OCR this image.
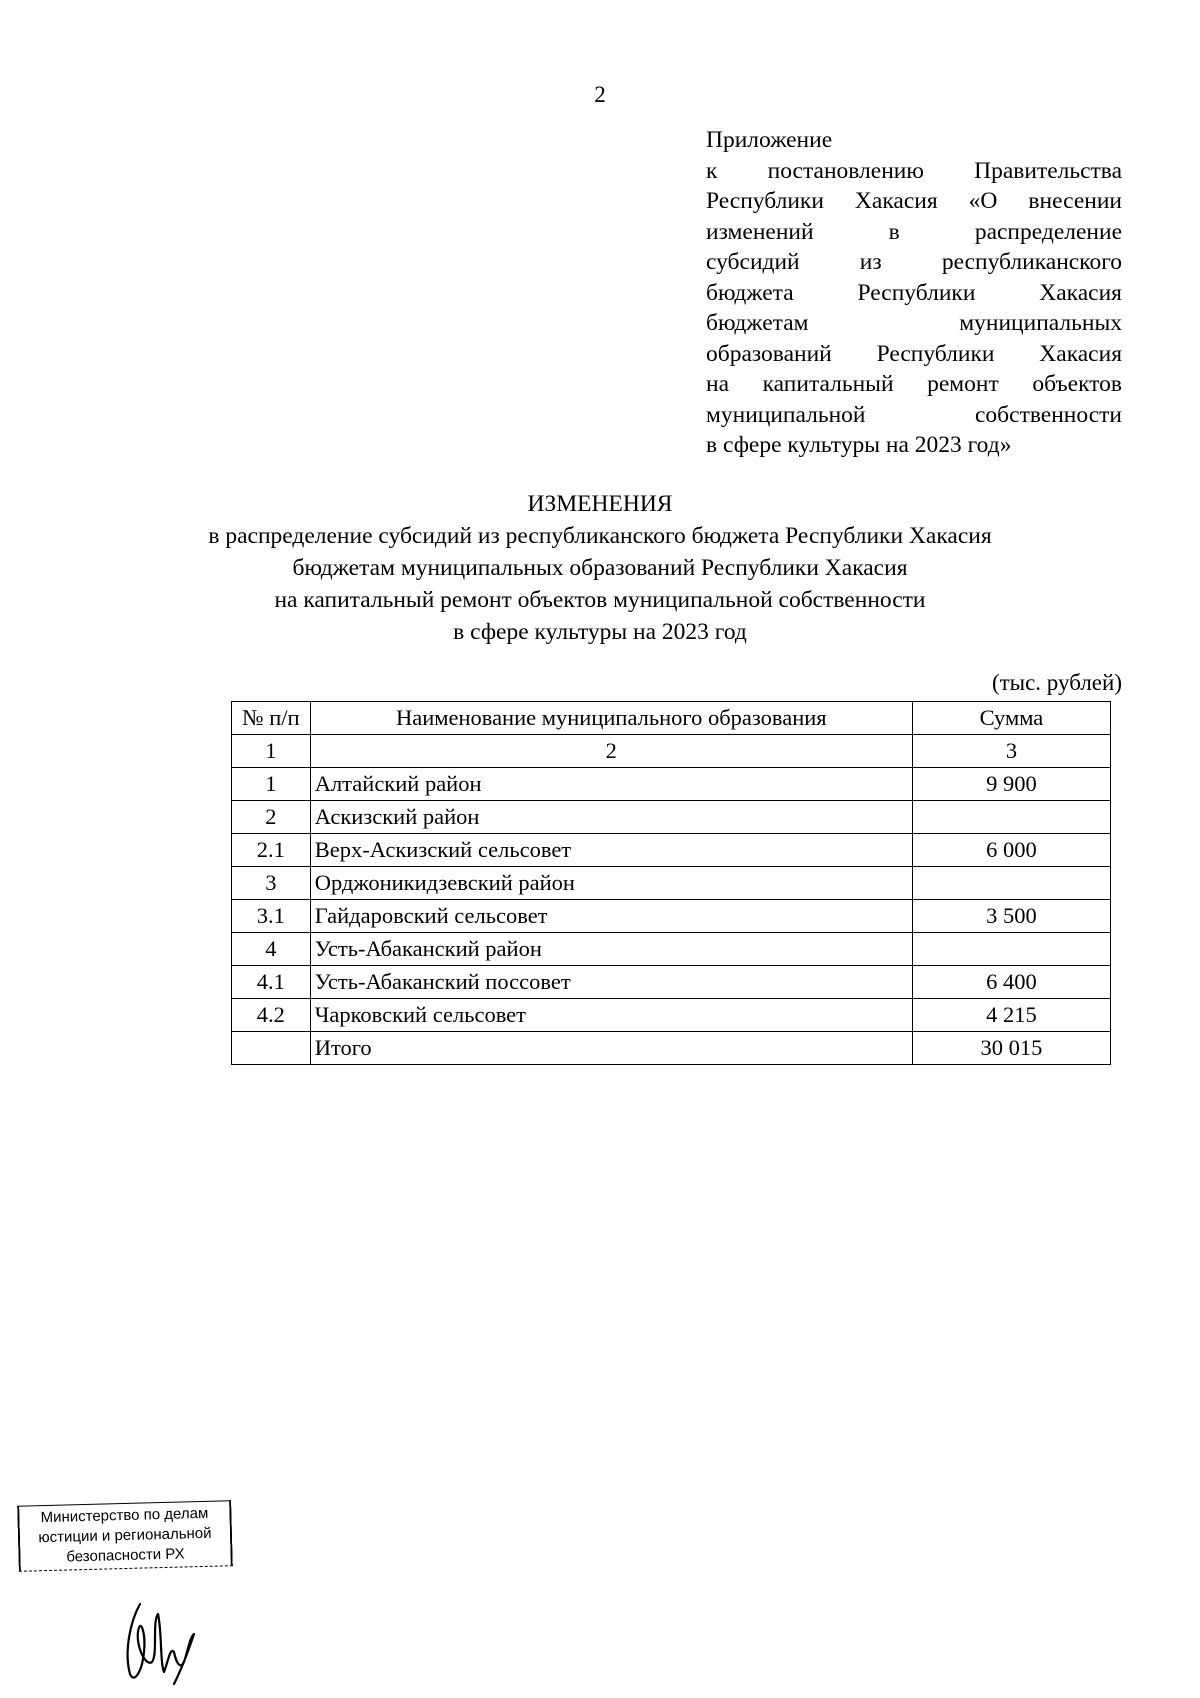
2
Приложение
к постановлению Правительства
Республики Хакасия «О внесении
изменений в распределение
субсидий из республиканского
бюджета Республики Хакасия
бюджетам муниципальных
образований Республики Хакасия
на капитальный ремонт объектов
муниципальной собственности
в сфере культуры на 2023 год»
ИЗМЕНЕНИЯ
в распределение субсидий из республиканского бюджета Республики Хакасия
бюджетам муниципальных образований Республики Хакасия
на капитальный ремонт объектов муниципальной собственности
в сфере культуры на 2023 год
(тыс. рублей)
№ п/п	Наименование муниципального образования	Сумма
1	2	3
1	Алтайский район	9 900
2	Аскизский район	
2.1	Верх-Аскизский сельсовет	6 000
3	Орджоникидзевский район	
3.1	Гайдаровский сельсовет	3 500
4	Усть-Абаканский район	
4.1	Усть-Абаканский поссовет	6 400
4.2	Чарковский сельсовет	4 215
	Итого	30 015
Министерство по делам
юстиции и региональной
безопасности РХ
